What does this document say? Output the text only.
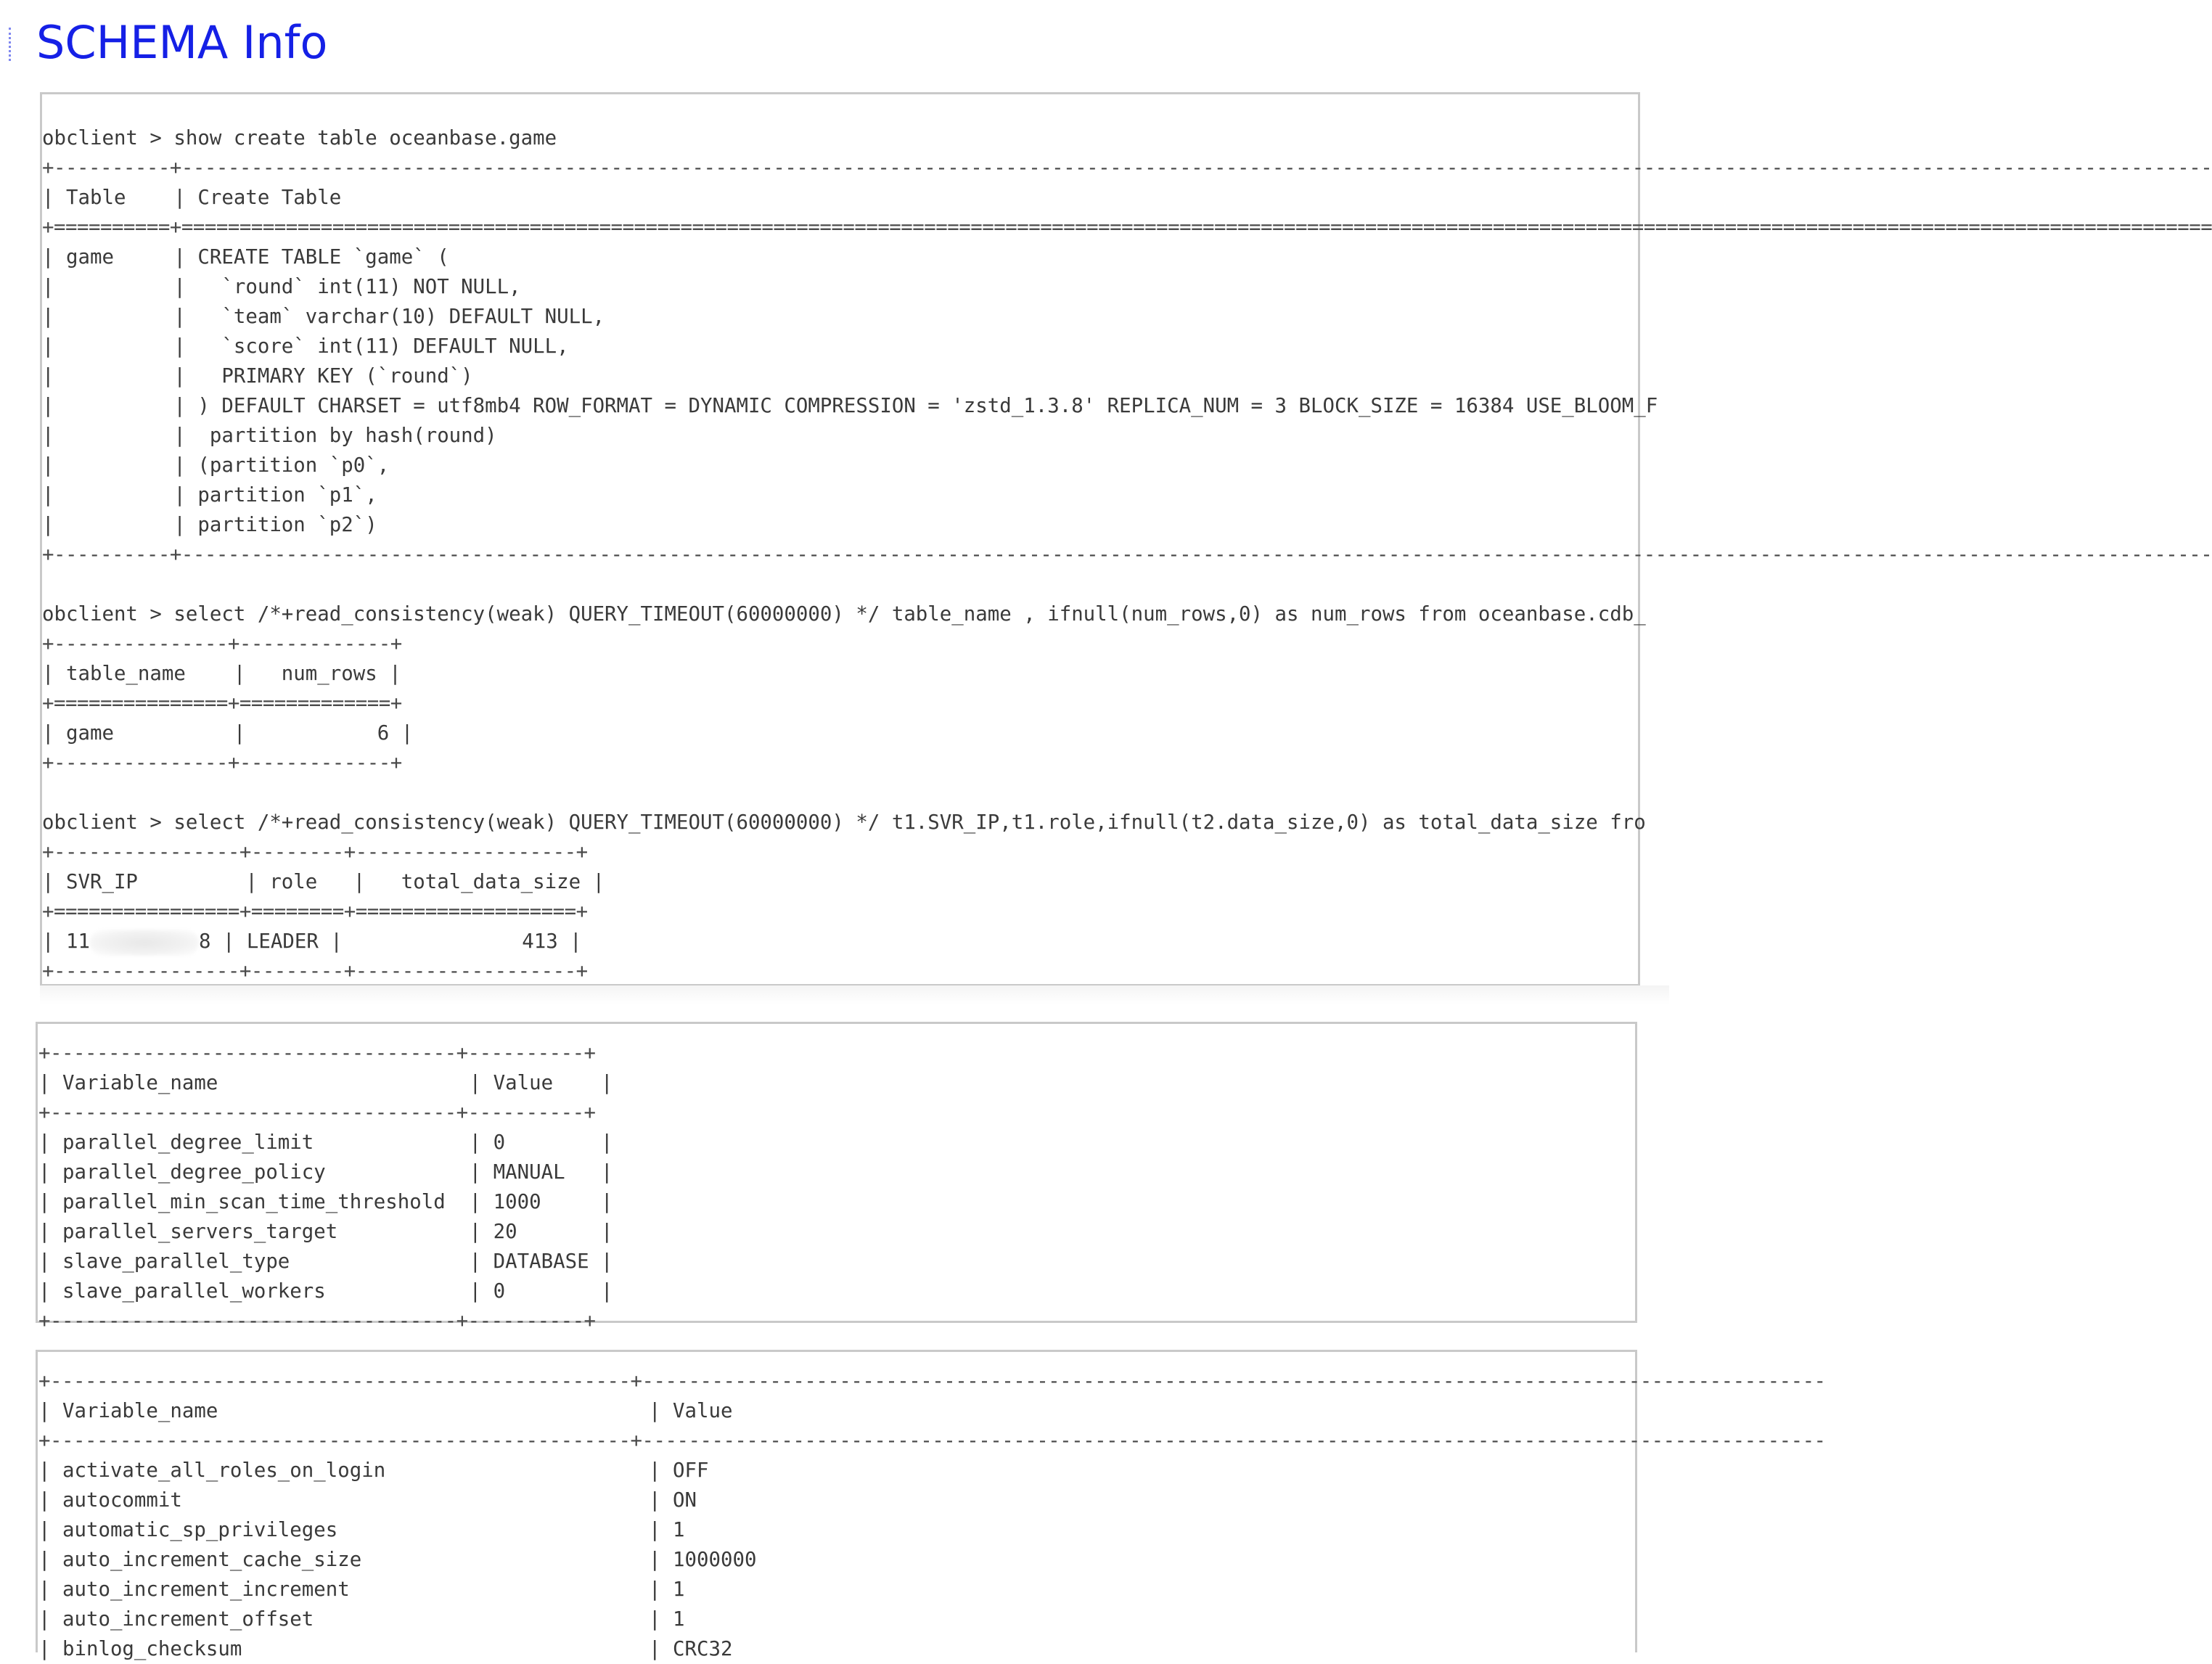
SCHEMA Info
obclient > show create table oceanbase.game
+----------+-------------------------------------------------------------------------------------------------------------------------------------------------------------------------------
| Table    | Create Table
+==========+===============================================================================================================================================================================
| game     | CREATE TABLE `game` (
|          |   `round` int(11) NOT NULL,
|          |   `team` varchar(10) DEFAULT NULL,
|          |   `score` int(11) DEFAULT NULL,
|          |   PRIMARY KEY (`round`)
|          | ) DEFAULT CHARSET = utf8mb4 ROW_FORMAT = DYNAMIC COMPRESSION = 'zstd_1.3.8' REPLICA_NUM = 3 BLOCK_SIZE = 16384 USE_BLOOM_F
|          |  partition by hash(round)
|          | (partition `p0`,
|          | partition `p1`,
|          | partition `p2`)
+----------+-------------------------------------------------------------------------------------------------------------------------------------------------------------------------------
obclient > select /*+read_consistency(weak) QUERY_TIMEOUT(60000000) */ table_name , ifnull(num_rows,0) as num_rows from oceanbase.cdb_
+---------------+-------------+
| table_name    |   num_rows |
+===============+=============+
| game          |           6 |
+---------------+-------------+
obclient > select /*+read_consistency(weak) QUERY_TIMEOUT(60000000) */ t1.SVR_IP,t1.role,ifnull(t2.data_size,0) as total_data_size fro
+----------------+--------+-------------------+
| SVR_IP         | role   |   total_data_size |
+================+========+===================+
| 11	8 | LEADER |               413 |
+----------------+--------+-------------------+
+-----------------------------------+----------+
| Variable_name                     | Value    |
+-----------------------------------+----------+
| parallel_degree_limit             | 0        |
| parallel_degree_policy            | MANUAL   |
| parallel_min_scan_time_threshold  | 1000     |
| parallel_servers_target           | 20       |
| slave_parallel_type               | DATABASE |
| slave_parallel_workers            | 0        |
+-----------------------------------+----------+
+--------------------------------------------------+------------------------------------------------------------------------------------------------------
| Variable_name                                    | Value
+--------------------------------------------------+------------------------------------------------------------------------------------------------------
| activate_all_roles_on_login                      | OFF
| autocommit                                       | ON
| automatic_sp_privileges                          | 1
| auto_increment_cache_size                        | 1000000
| auto_increment_increment                         | 1
| auto_increment_offset                            | 1
| binlog_checksum                                  | CRC32
